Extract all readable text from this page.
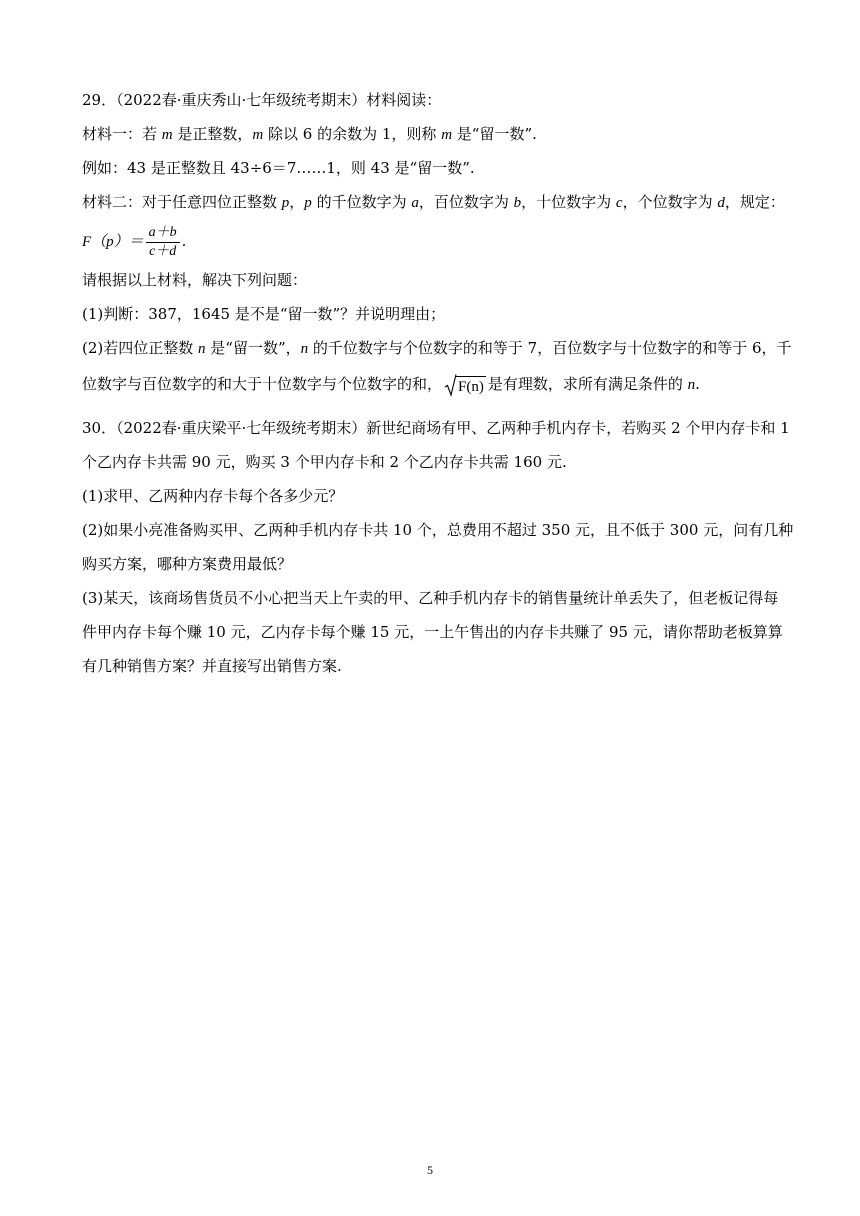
29．（2022春·重庆秀山·七年级统考期末）材料阅读：
材料一：若 m 是正整数，m 除以 6 的余数为 1，则称 m 是“留一数”.
例如：43 是正整数且 43÷6＝7……1，则 43 是“留一数”.
材料二：对于任意四位正整数 p，p 的千位数字为 a，百位数字为 b，十位数字为 c，个位数字为 d，规定：
$F(p)= \frac{a+b}{c+d}$ .
请根据以上材料，解决下列问题：
(1)判断：387，1645 是不是“留一数”？并说明理由；
(2)若四位正整数 n 是“留一数”，n 的千位数字与个位数字的和等于 7，百位数字与十位数字的和等于 6，千
位数字与百位数字的和大于十位数字与个位数字的和， F(n) 是有理数，求所有满足条件的 n.
30．（2022春·重庆梁平·七年级统考期末）新世纪商场有甲、乙两种手机内存卡，若购买 2 个甲内存卡和 1
个乙内存卡共需 90 元，购买 3 个甲内存卡和 2 个乙内存卡共需 160 元.
(1)求甲、乙两种内存卡每个各多少元？
(2)如果小亮准备购买甲、乙两种手机内存卡共 10 个，总费用不超过 350 元，且不低于 300 元，问有几种
购买方案，哪种方案费用最低？
(3)某天，该商场售货员不小心把当天上午卖的甲、乙种手机内存卡的销售量统计单丢失了，但老板记得每
件甲内存卡每个赚 10 元，乙内存卡每个赚 15 元，一上午售出的内存卡共赚了 95 元，请你帮助老板算算
有几种销售方案？并直接写出销售方案.
5
